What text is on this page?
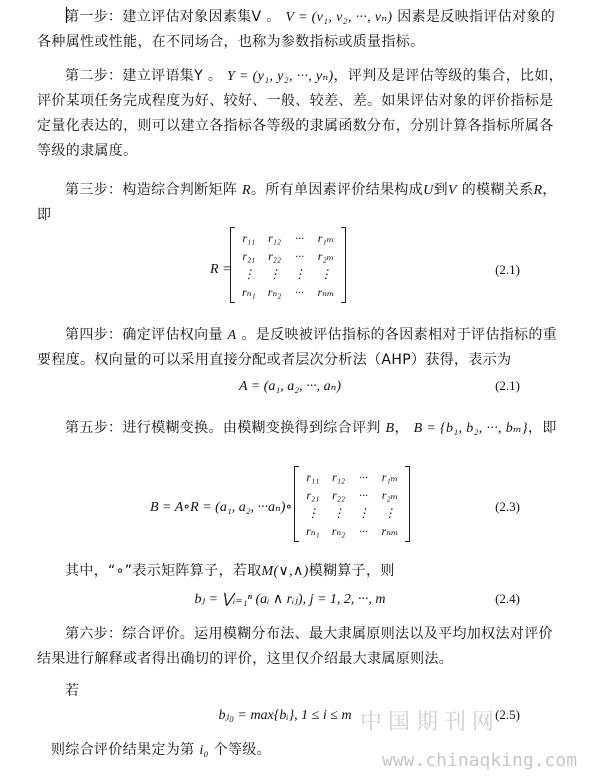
第一步：建立评估对象因素集V 。 V = (v₁, v₂, ···, vₙ) 因素是反映指评估对象的各种属性或性能，在不同场合，也称为参数指标或质量指标。
第二步：建立评语集Y 。 Y = (y₁, y₂, ···, yₙ)，评判及是评估等级的集合，比如，评价某项任务完成程度为好、较好、一般、较差、差。如果评估对象的评价指标是定量化表达的，则可以建立各指标各等级的隶属函数分布，分别计算各指标所属各等级的隶属度。
第三步：构造综合判断矩阵 R。所有单因素评价结果构成U到V 的模糊关系R，即
R =
r₁₁	r₁₂	···	r₁ₘ
r₂₁	r₂₂	···	r₂ₘ
⋮	⋮	⋮	⋮
rₙ₁	rₙ₂	···	rₙₘ
(2.1)
第四步：确定评估权向量 A 。是反映被评估指标的各因素相对于评估指标的重要程度。权向量的可以采用直接分配或者层次分析法（AHP）获得，表示为
A = (a₁, a₂, ···, aₙ)	(2.1)
第五步：进行模糊变换。由模糊变换得到综合评判 B， B = {b₁, b₂, ···, bₘ}，即
B = A∘R = (a₁, a₂, ···aₙ)∘
r₁₁	r₁₂	···	r₁ₘ
r₂₁	r₂₂	···	r₂ₘ
⋮	⋮	⋮	⋮
rₙ₁	rₙ₂	···	rₙₘ
(2.3)
其中，“∘”表示矩阵算子，若取M(∨,∧)模糊算子，则
bⱼ = ⋁ᵢ₌₁ⁿ (aᵢ ∧ rᵢⱼ), j = 1, 2, ···, m	(2.4)
第六步：综合评价。运用模糊分布法、最大隶属原则法以及平均加权法对评价结果进行解释或者得出确切的评价，这里仅介绍最大隶属原则法。
若
bⱼ₀ = max{bᵢ}, 1 ≤ i ≤ m	(2.5)
则综合评价结果定为第 i₀ 个等级。
中国期刊网
www.chinaqking.com
